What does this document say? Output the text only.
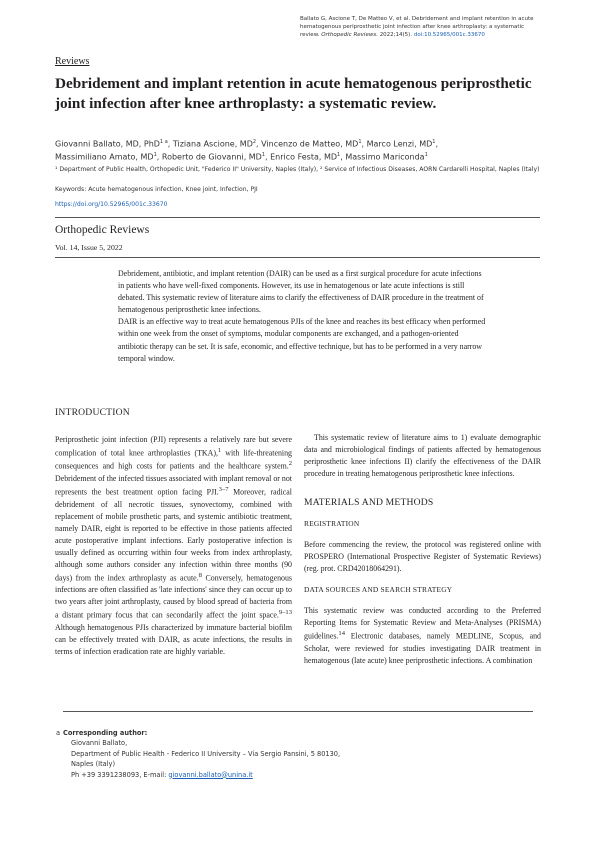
Ballato G, Ascione T, De Matteo V, et al. Debridement and implant retention in acute hematogenous periprosthetic joint infection after knee arthroplasty: a systematic review. Orthopedic Reviews. 2022;14(5). doi:10.52965/001c.33670
Reviews
Debridement and implant retention in acute hematogenous periprosthetic joint infection after knee arthroplasty: a systematic review.
Giovanni Ballato, MD, PhD$^{1 a}$, Tiziana Ascione, $MD^2$, Vincenzo de Matteo, $MD^1$, Marco Lenzi, $MD^1$,
Massimiliano Amato, $MD^1$, Roberto de Giovanni, $MD^1$, Enrico Festa, $MD^1$, Massimo Mariconda$^1$
¹ Department of Public Health, Orthopedic Unit, "Federico II" University, Naples (Italy), ² Service of Infectious Diseases, AORN Cardarelli Hospital, Naples (Italy)
Keywords: Acute hematogenous infection, Knee joint, Infection, PJI
https://doi.org/10.52965/001c.33670
Orthopedic Reviews
Vol. 14, Issue 5, 2022

Debridement, antibiotic, and implant retention (DAIR) can be used as a first surgical procedure for acute infections in patients who have well-fixed components. However, its use in hematogenous or late acute infections is still debated. This systematic review of literature aims to clarify the effectiveness of DAIR procedure in the treatment of hematogenous periprosthetic knee infections.

DAIR is an effective way to treat acute hematogenous PJIs of the knee and reaches its best efficacy when performed within one week from the onset of symptoms, modular components are exchanged, and a pathogen-oriented antibiotic therapy can be set. It is safe, economic, and effective technique, but has to be performed in a very narrow temporal window.

INTRODUCTION

Periprosthetic joint infection (PJI) represents a relatively rare but severe complication of total knee arthroplasties (TKA),$^1$ with life-threatening consequences and high costs for patients and the healthcare system.$^2$ Debridement of the infected tissues associated with implant removal or not represents the best treatment option facing PJI.$^{3-7}$ Moreover, radical debridement of all necrotic tissues, synovectomy, combined with replacement of mobile prosthetic parts, and systemic antibiotic treatment, namely DAIR, eight is reported to be effective in those patients affected acute postoperative implant infections. Early postoperative infection is usually defined as occurring within four weeks from index arthroplasty, although some authors consider any infection within three months (90 days) from the index arthroplasty as acute.$^8$ Conversely, hematogenous infections are often classified as 'late infections' since they can occur up to two years after joint arthroplasty, caused by blood spread of bacteria from a distant primary focus that can secondarily affect the joint space.$^{9-13}$ Although hematogenous PJIs characterized by immature bacterial biofilm can be effectively treated with DAIR, as acute infections, the results in terms of infection eradication rate are highly variable.

This systematic review of literature aims to 1) evaluate demographic data and microbiological findings of patients affected by hematogenous periprosthetic knee infections II) clarify the effectiveness of the DAIR procedure in treating hematogenous periprosthetic knee infections.

MATERIALS AND METHODS
REGISTRATION

Before commencing the review, the protocol was registered online with PROSPERO (International Prospective Register of Systematic Reviews) (reg. prot. CRD42018064291).

DATA SOURCES AND SEARCH STRATEGY

This systematic review was conducted according to the Preferred Reporting Items for Systematic Review and Meta-Analyses (PRISMA) guidelines.$^{14}$ Electronic databases, namely MEDLINE, Scopus, and Scholar, were reviewed for studies investigating DAIR treatment in hematogenous (late acute) knee periprosthetic infections. A combination

a Corresponding author:
Giovanni Ballato,
Department of Public Health - Federico II University – Via Sergio Pansini, 5 80130,
Naples (Italy)
Ph +39 3391238093, E-mail: giovanni.ballato@unina.it
